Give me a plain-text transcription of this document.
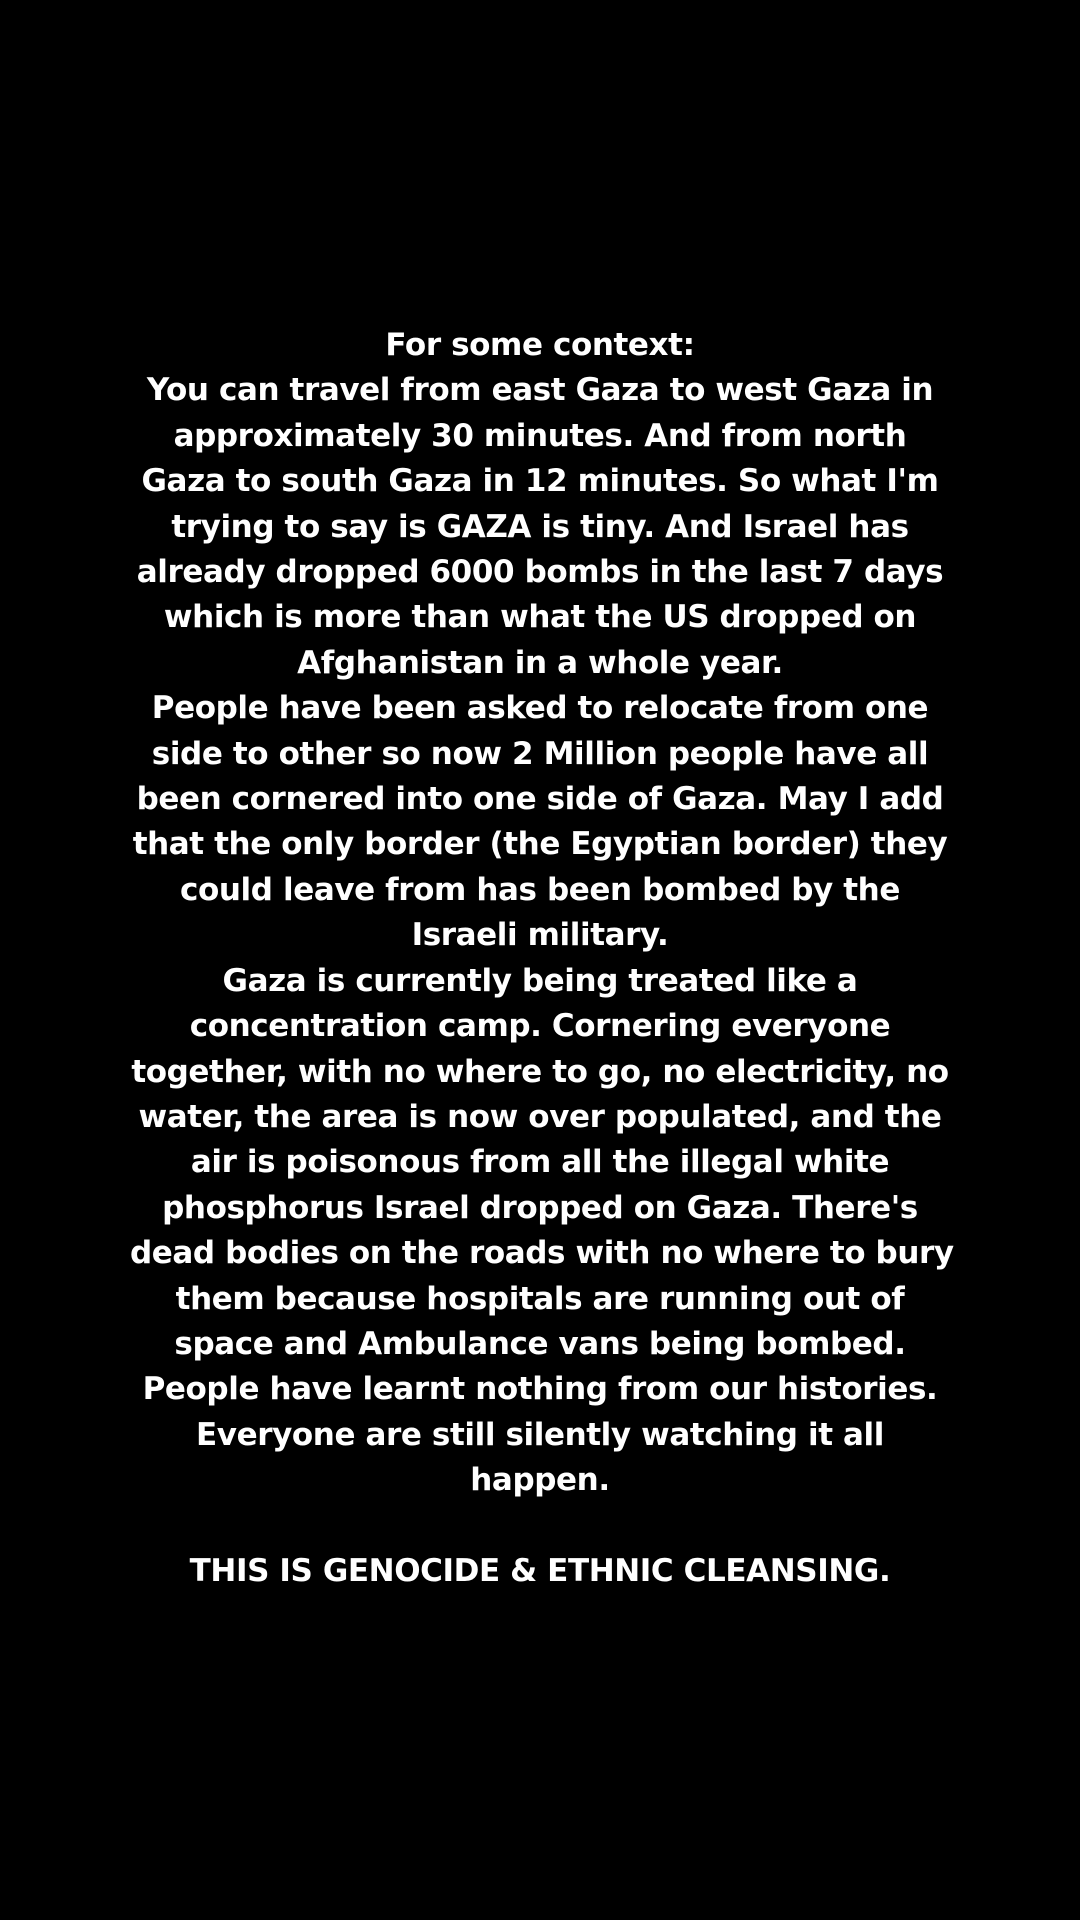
For some context:
You can travel from east Gaza to west Gaza in
approximately 30 minutes. And from north
Gaza to south Gaza in 12 minutes. So what I'm
trying to say is GAZA is tiny. And Israel has
already dropped 6000 bombs in the last 7 days
which is more than what the US dropped on
Afghanistan in a whole year.
People have been asked to relocate from one
side to other so now 2 Million people have all
been cornered into one side of Gaza. May I add
that the only border (the Egyptian border) they
could leave from has been bombed by the
Israeli military.
Gaza is currently being treated like a
concentration camp. Cornering everyone
together, with no where to go, no electricity, no
water, the area is now over populated, and the
air is poisonous from all the illegal white
phosphorus Israel dropped on Gaza. There's
dead bodies on the roads with no where to bury
them because hospitals are running out of
space and Ambulance vans being bombed.
People have learnt nothing from our histories.
Everyone are still silently watching it all
happen.
THIS IS GENOCIDE & ETHNIC CLEANSING.
